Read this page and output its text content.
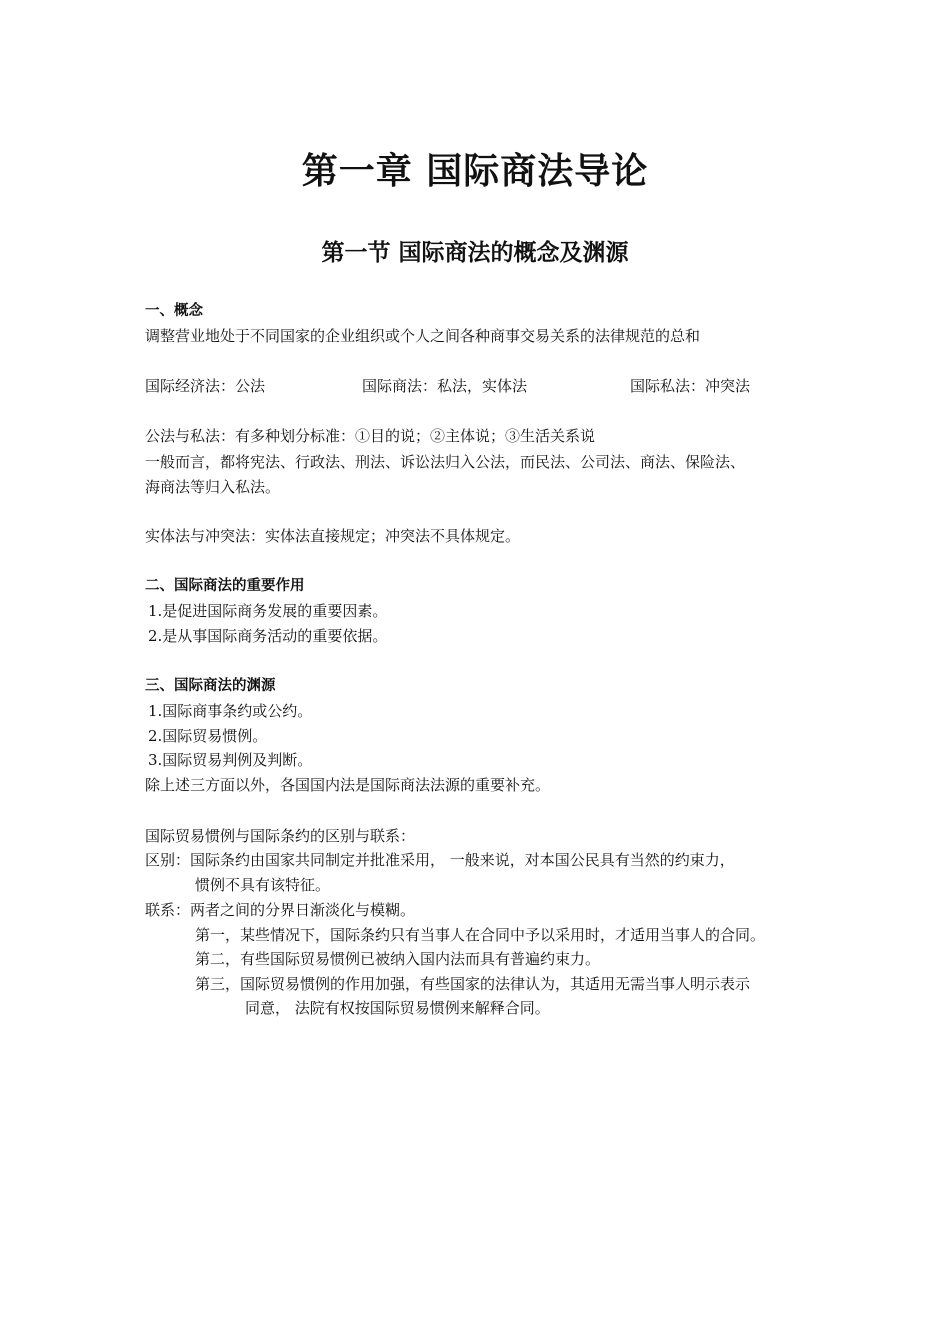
第一章 国际商法导论
第一节 国际商法的概念及渊源
一、概念
调整营业地处于不同国家的企业组织或个人之间各种商事交易关系的法律规范的总和
国际经济法：公法	国际商法：私法，实体法	国际私法：冲突法
公法与私法：有多种划分标准：①目的说；②主体说；③生活关系说
一般而言，都将宪法、行政法、刑法、诉讼法归入公法，而民法、公司法、商法、保险法、
海商法等归入私法。
实体法与冲突法：实体法直接规定；冲突法不具体规定。
二、国际商法的重要作用
1.是促进国际商务发展的重要因素。
2.是从事国际商务活动的重要依据。
三、国际商法的渊源
1.国际商事条约或公约。
2.国际贸易惯例。
3.国际贸易判例及判断。
除上述三方面以外，各国国内法是国际商法法源的重要补充。
国际贸易惯例与国际条约的区别与联系：
区别：国际条约由国家共同制定并批准采用， 一般来说，对本国公民具有当然的约束力，
惯例不具有该特征。
联系：两者之间的分界日渐淡化与模糊。
第一，某些情况下，国际条约只有当事人在合同中予以采用时，才适用当事人的合同。
第二，有些国际贸易惯例已被纳入国内法而具有普遍约束力。
第三，国际贸易惯例的作用加强，有些国家的法律认为，其适用无需当事人明示表示
同意， 法院有权按国际贸易惯例来解释合同。
